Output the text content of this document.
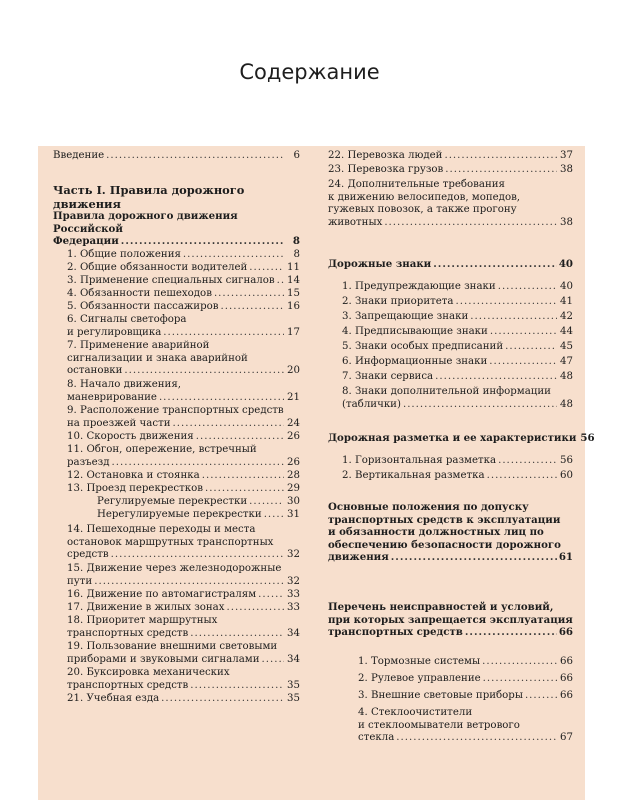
Содержание
Введение .....	6
Часть I. Правила дорожного движения
Правила дорожного движения Российской
Федерации .....	8
1. Общие положения .....	8
2. Общие обязанности водителей .....	11
3. Применение специальных сигналов ..... 14
4. Обязанности пешеходов .....	15
5. Обязанности пассажиров .....	16
6. Сигналы светофора
и регулировщика .....	17
7. Применение аварийной
сигнализации и знака аварийной
остановки .....	20
8. Начало движения,
маневрирование .....	21
9. Расположение транспортных средств
на проезжей части .....	24
10. Скорость движения .....	26
11. Обгон, опережение, встречный
разъезд .....	26
12. Остановка и стоянка .....	28
13. Проезд перекрестков .....	29
Регулируемые перекрестки .....	30
Нерегулируемые перекрестки ..... 31
14. Пешеходные переходы и места
остановок маршрутных транспортных
средств .....	32
15. Движение через железнодорожные
пути .....	32
16. Движение по автомагистралям .....	33
17. Движение в жилых зонах .....	33
18. Приоритет маршрутных
транспортных средств .....	34
19. Пользование внешними световыми
приборами и звуковыми сигналами .....	34
20. Буксировка механических
транспортных средств .....	35
21. Учебная езда .....	35
22. Перевозка людей .....	37
23. Перевозка грузов .....	38
24. Дополнительные требования
к движению велосипедов, мопедов,
гужевых повозок, а также прогону
животных .....	38
Дорожные знаки .....	40
1. Предупреждающие знаки .....	40
2. Знаки приоритета .....	41
3. Запрещающие знаки .....	42
4. Предписывающие знаки .....	44
5. Знаки особых предписаний .....	45
6. Информационные знаки .....	47
7. Знаки сервиса .....	48
8. Знаки дополнительной информации
(таблички) .....	48
Дорожная разметка и ее характеристики 56
1. Горизонтальная разметка .....	56
2. Вертикальная разметка .....	60
Основные положения по допуску
транспортных средств к эксплуатации
и обязанности должностных лиц по
обеспечению безопасности дорожного
движения .....	61
Перечень неисправностей и условий,
при которых запрещается эксплуатация
транспортных средств .....	66
1. Тормозные системы .....	66
2. Рулевое управление .....	66
3. Внешние световые приборы .....	66
4. Стеклоочистители
и стеклоомыватели ветрового
стекла .....	67
